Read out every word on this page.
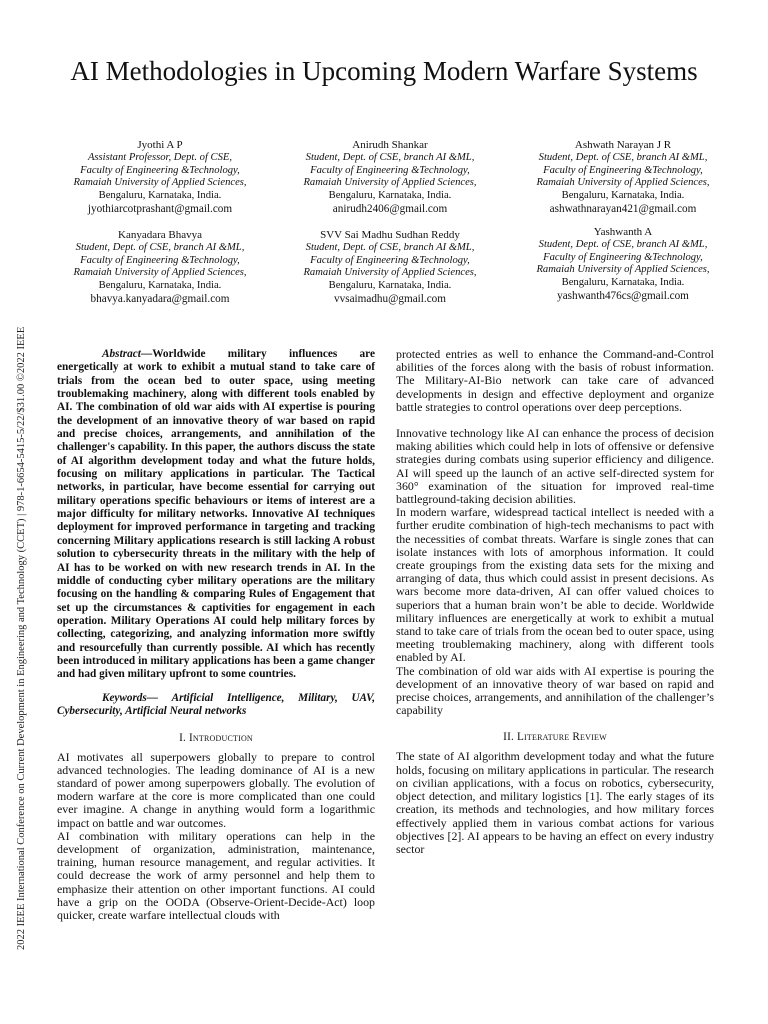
2022 IEEE International Conference on Current Development in Engineering and Technology (CCET) | 978-1-6654-5415-5/22/$31.00 ©2022 IEEE
AI Methodologies in Upcoming Modern Warfare Systems
Jyothi A P
Assistant Professor, Dept. of CSE,
Faculty of Engineering &Technology,
Ramaiah University of Applied Sciences,
Bengaluru, Karnataka, India.
jyothiarcotprashant@gmail.com
Anirudh Shankar
Student, Dept. of CSE, branch AI &ML,
Faculty of Engineering &Technology,
Ramaiah University of Applied Sciences,
Bengaluru, Karnataka, India.
anirudh2406@gmail.com
Ashwath Narayan J R
Student, Dept. of CSE, branch AI &ML,
Faculty of Engineering &Technology,
Ramaiah University of Applied Sciences,
Bengaluru, Karnataka, India.
ashwathnarayan421@gmail.com
Kanyadara Bhavya
Student, Dept. of CSE, branch AI &ML,
Faculty of Engineering &Technology,
Ramaiah University of Applied Sciences,
Bengaluru, Karnataka, India.
bhavya.kanyadara@gmail.com
SVV Sai Madhu Sudhan Reddy
Student, Dept. of CSE, branch AI &ML,
Faculty of Engineering &Technology,
Ramaiah University of Applied Sciences,
Bengaluru, Karnataka, India.
vvsaimadhu@gmail.com
Yashwanth A
Student, Dept. of CSE, branch AI &ML,
Faculty of Engineering &Technology,
Ramaiah University of Applied Sciences,
Bengaluru, Karnataka, India.
yashwanth476cs@gmail.com

Abstract—Worldwide military influences are energetically at work to exhibit a mutual stand to take care of trials from the ocean bed to outer space, using meeting troublemaking machinery, along with different tools enabled by AI. The combination of old war aids with AI expertise is pouring the development of an innovative theory of war based on rapid and precise choices, arrangements, and annihilation of the challenger's capability. In this paper, the authors discuss the state of AI algorithm development today and what the future holds, focusing on military applications in particular. The Tactical networks, in particular, have become essential for carrying out military operations specific behaviours or items of interest are a major difficulty for military networks. Innovative AI techniques deployment for improved performance in targeting and tracking concerning Military applications research is still lacking A robust solution to cybersecurity threats in the military with the help of AI has to be worked on with new research trends in AI. In the middle of conducting cyber military operations are the military focusing on the handling & comparing Rules of Engagement that set up the circumstances & captivities for engagement in each operation. Military Operations AI could help military forces by collecting, categorizing, and analyzing information more swiftly and resourcefully than currently possible. AI which has recently been introduced in military applications has been a game changer and had given military upfront to some countries.

Keywords— Artificial Intelligence, Military, UAV, Cybersecurity, Artificial Neural networks

I. Introduction

AI motivates all superpowers globally to prepare to control advanced technologies. The leading dominance of AI is a new standard of power among superpowers globally. The evolution of modern warfare at the core is more complicated than one could ever imagine. A change in anything would form a logarithmic impact on battle and war outcomes.

AI combination with military operations can help in the development of organization, administration, maintenance, training, human resource management, and regular activities. It could decrease the work of army personnel and help them to emphasize their attention on other important functions. AI could have a grip on the OODA (Observe-Orient-Decide-Act) loop quicker, create warfare intellectual clouds with

protected entries as well to enhance the Command-and-Control abilities of the forces along with the basis of robust information. The Military-AI-Bio network can take care of advanced developments in design and effective deployment and organize battle strategies to control operations over deep perceptions.

Innovative technology like AI can enhance the process of decision making abilities which could help in lots of offensive or defensive strategies during combats using superior efficiency and diligence. AI will speed up the launch of an active self-directed system for 360° examination of the situation for improved real-time battleground-taking decision abilities.

In modern warfare, widespread tactical intellect is needed with a further erudite combination of high-tech mechanisms to pact with the necessities of combat threats. Warfare is single zones that can isolate instances with lots of amorphous information. It could create groupings from the existing data sets for the mixing and arranging of data, thus which could assist in present decisions. As wars become more data-driven, AI can offer valued choices to superiors that a human brain won’t be able to decide. Worldwide military influences are energetically at work to exhibit a mutual stand to take care of trials from the ocean bed to outer space, using meeting troublemaking machinery, along with different tools enabled by AI.

The combination of old war aids with AI expertise is pouring the development of an innovative theory of war based on rapid and precise choices, arrangements, and annihilation of the challenger’s capability

II. Literature Review

The state of AI algorithm development today and what the future holds, focusing on military applications in particular. The research on civilian applications, with a focus on robotics, cybersecurity, object detection, and military logistics [1]. The early stages of its creation, its methods and technologies, and how military forces effectively applied them in various combat actions for various objectives [2]. AI appears to be having an effect on every industry sector
